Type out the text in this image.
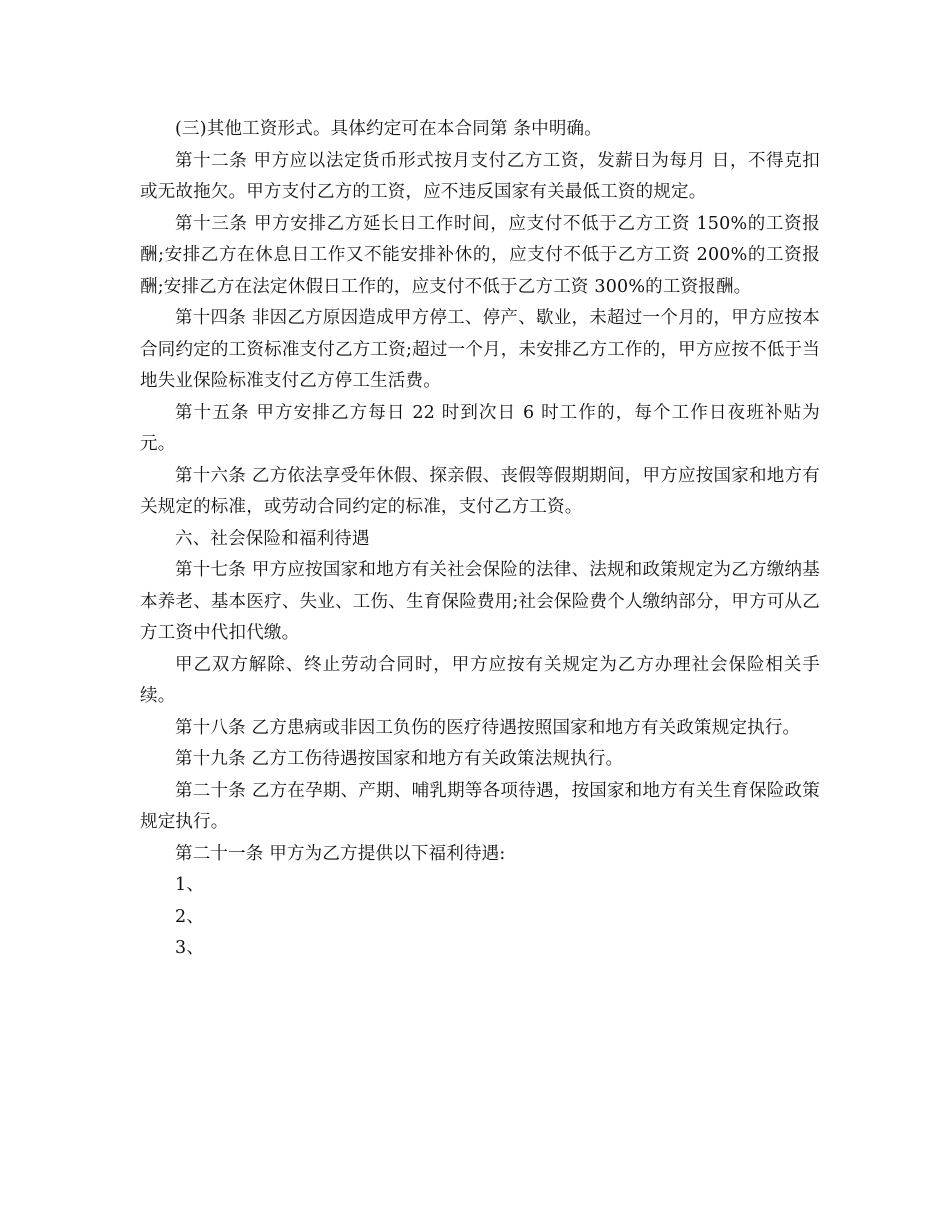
(三)其他工资形式。具体约定可在本合同第 条中明确。

第十二条 甲方应以法定货币形式按月支付乙方工资，发薪日为每月 日，不得克扣或无故拖欠。甲方支付乙方的工资，应不违反国家有关最低工资的规定。

第十三条 甲方安排乙方延长日工作时间，应支付不低于乙方工资 150%的工资报酬;安排乙方在休息日工作又不能安排补休的，应支付不低于乙方工资 200%的工资报酬;安排乙方在法定休假日工作的，应支付不低于乙方工资 300%的工资报酬。

第十四条 非因乙方原因造成甲方停工、停产、歇业，未超过一个月的，甲方应按本合同约定的工资标准支付乙方工资;超过一个月，未安排乙方工作的，甲方应按不低于当地失业保险标准支付乙方停工生活费。

第十五条 甲方安排乙方每日 22 时到次日 6 时工作的，每个工作日夜班补贴为 元。

第十六条 乙方依法享受年休假、探亲假、丧假等假期期间，甲方应按国家和地方有关规定的标准，或劳动合同约定的标准，支付乙方工资。

六、社会保险和福利待遇

第十七条 甲方应按国家和地方有关社会保险的法律、法规和政策规定为乙方缴纳基本养老、基本医疗、失业、工伤、生育保险费用;社会保险费个人缴纳部分，甲方可从乙方工资中代扣代缴。

甲乙双方解除、终止劳动合同时，甲方应按有关规定为乙方办理社会保险相关手续。

第十八条 乙方患病或非因工负伤的医疗待遇按照国家和地方有关政策规定执行。

第十九条 乙方工伤待遇按国家和地方有关政策法规执行。

第二十条 乙方在孕期、产期、哺乳期等各项待遇，按国家和地方有关生育保险政策规定执行。

第二十一条 甲方为乙方提供以下福利待遇:

1、

2、

3、
